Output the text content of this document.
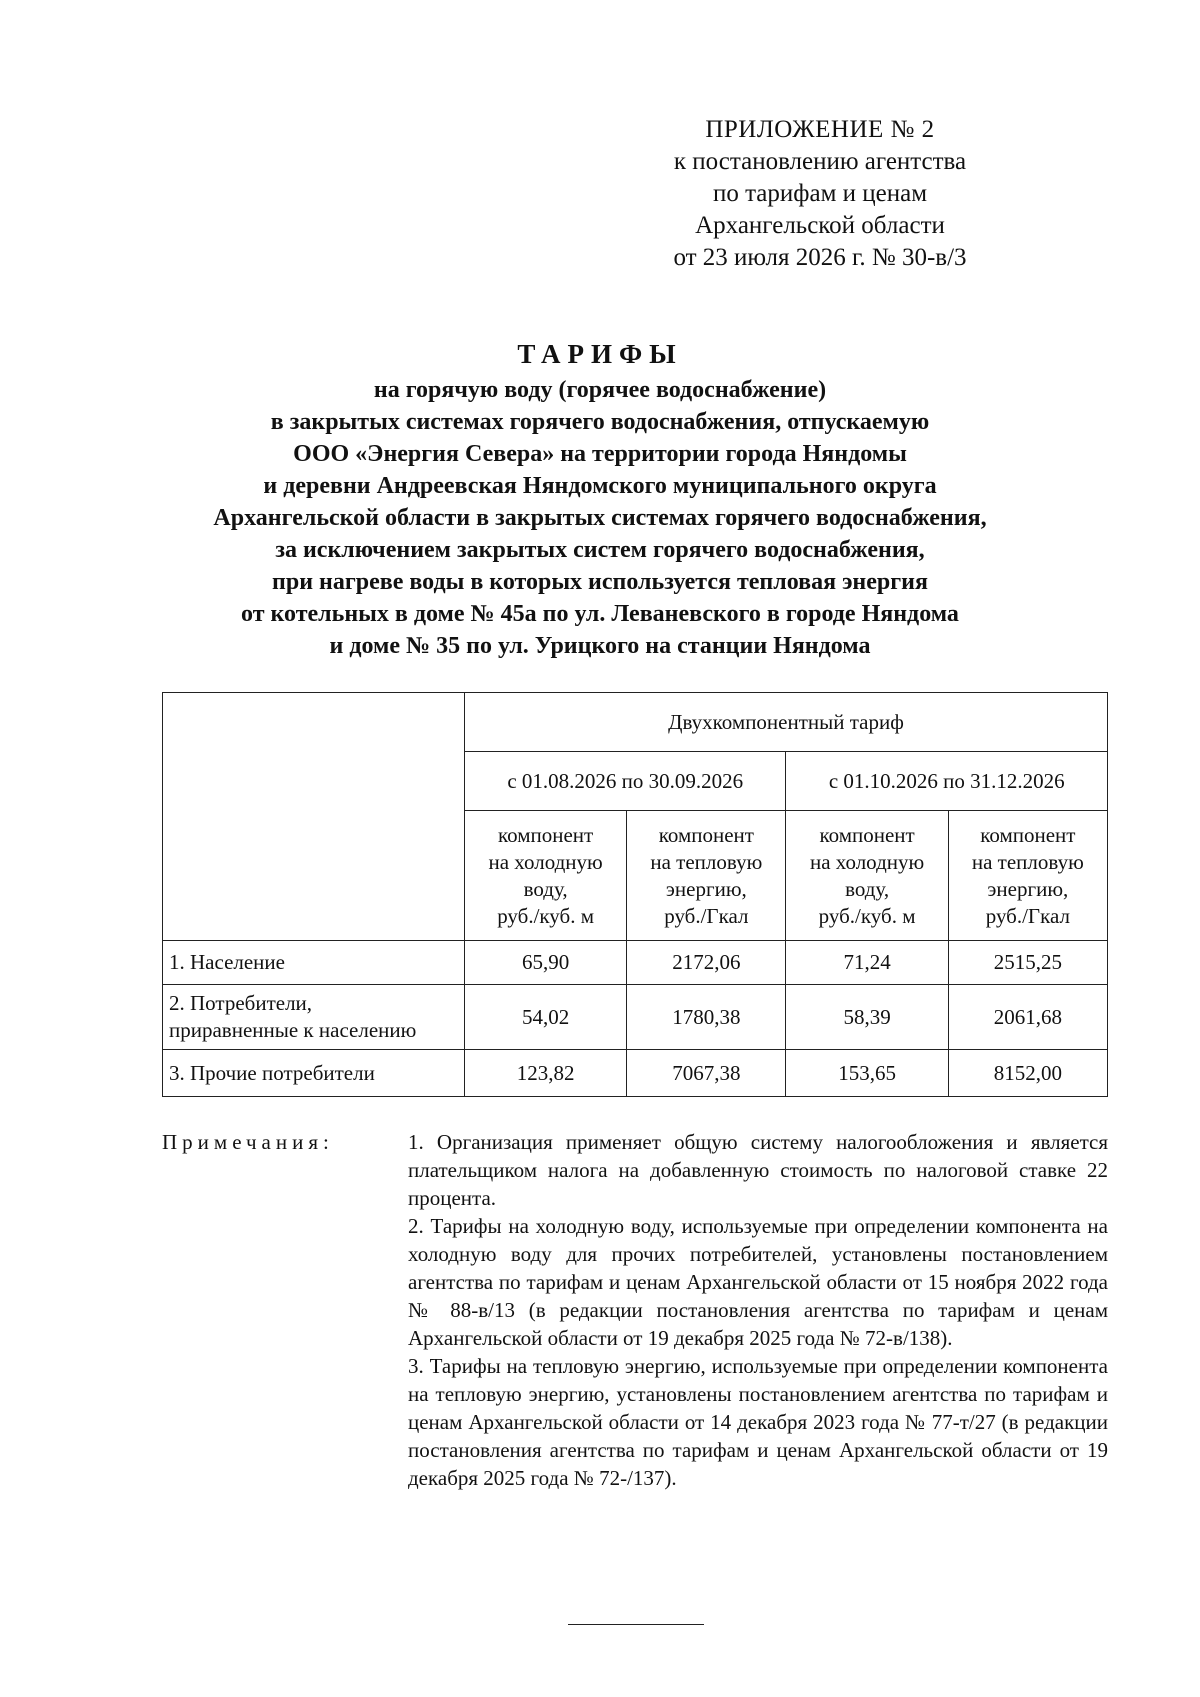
ПРИЛОЖЕНИЕ № 2
к постановлению агентства
по тарифам и ценам
Архангельской области
от 23 июля 2026 г. № 30-в/3
ТАРИФЫ
на горячую воду (горячее водоснабжение)
в закрытых системах горячего водоснабжения, отпускаемую
ООО «Энергия Севера» на территории города Няндомы
и деревни Андреевская Няндомского муниципального округа
Архангельской области в закрытых системах горячего водоснабжения,
за исключением закрытых систем горячего водоснабжения,
при нагреве воды в которых используется тепловая энергия
от котельных в доме № 45а по ул. Леваневского в городе Няндома
и доме № 35 по ул. Урицкого на станции Няндома
	Двухкомпонентный тариф			
	с 01.08.2026 по 30.09.2026		с 01.10.2026 по 31.12.2026	

	компонент
на холодную
воду,
руб./куб. м	компонент
на тепловую
энергию,
руб./Гкал	компонент
на холодную
воду,
руб./куб. м	компонент
на тепловую
энергию,
руб./Гкал

1. Население	65,90	2172,06	71,24	2515,25

2. Потребители,
приравненные к населению	54,02	1780,38	58,39	2061,68

3. Прочие потребители	123,82	7067,38	153,65	8152,00
Примечания:	1. Организация применяет общую систему налогообложения и является плательщиком налога на добавленную стоимость по налоговой ставке 22 процента.

2. Тарифы на холодную воду, используемые при определении компонента на холодную воду для прочих потребителей, установлены постановлением агентства по тарифам и ценам Архангельской области от 15 ноября 2022 года № 88-в/13 (в редакции постановления агентства по тарифам и ценам Архангельской области от 19 декабря 2025 года № 72-в/138).

3. Тарифы на тепловую энергию, используемые при определении компонента на тепловую энергию, установлены постановлением агентства по тарифам и ценам Архангельской области от 14 декабря 2023 года № 77-т/27 (в редакции постановления агентства по тарифам и ценам Архангельской области от 19 декабря 2025 года № 72-/137).
